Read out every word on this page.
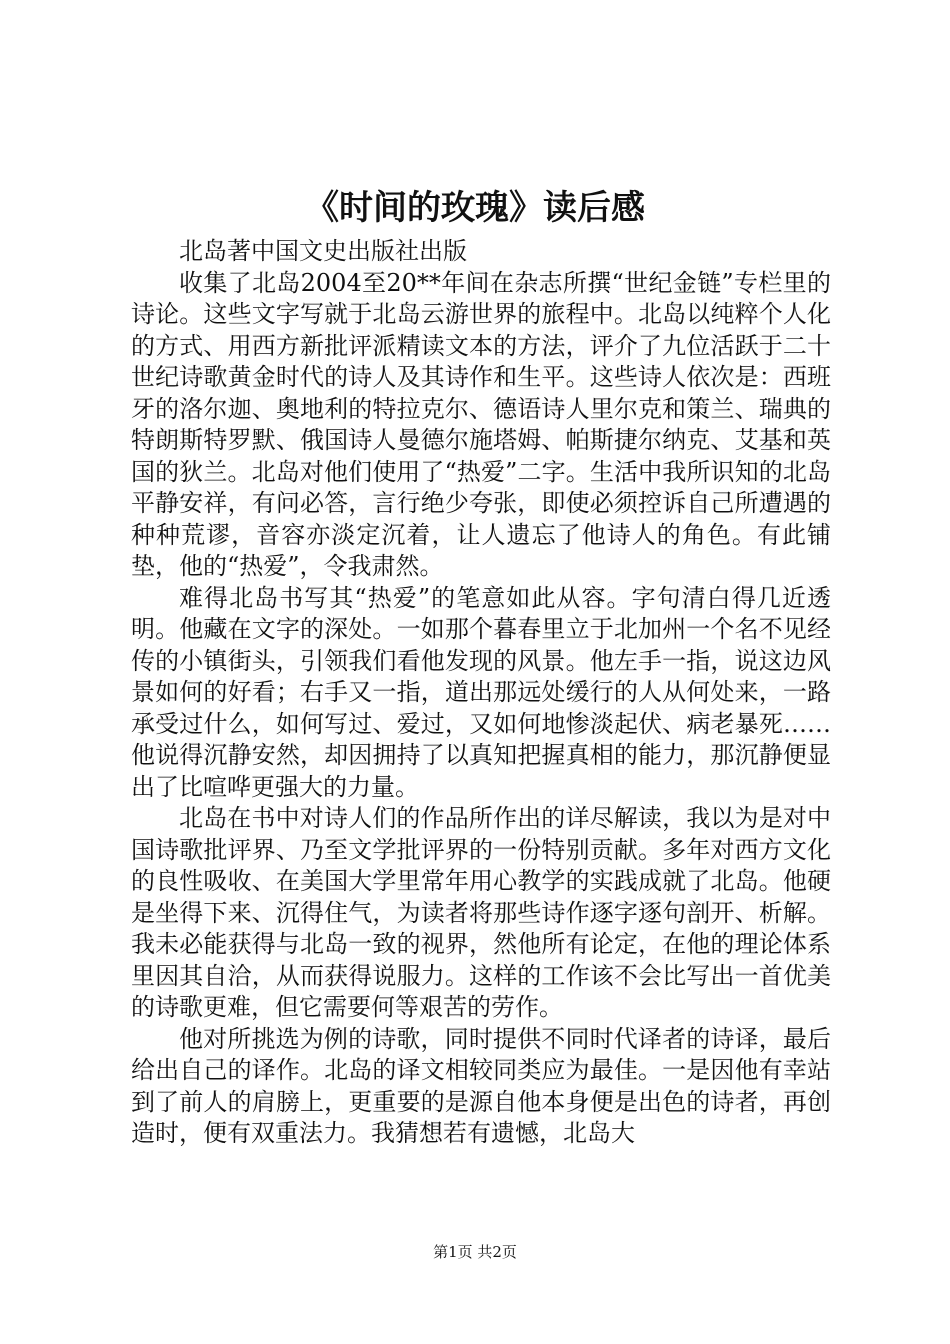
《时间的玫瑰》读后感

北岛著中国文史出版社出版

收集了北岛2004至20**年间在杂志所撰“世纪金链”专栏里的诗论。这些文字写就于北岛云游世界的旅程中。北岛以纯粹个人化的方式、用西方新批评派精读文本的方法，评介了九位活跃于二十世纪诗歌黄金时代的诗人及其诗作和生平。这些诗人依次是：西班牙的洛尔迦、奥地利的特拉克尔、德语诗人里尔克和策兰、瑞典的特朗斯特罗默、俄国诗人曼德尔施塔姆、帕斯捷尔纳克、艾基和英国的狄兰。北岛对他们使用了“热爱”二字。生活中我所识知的北岛平静安祥，有问必答，言行绝少夸张，即使必须控诉自己所遭遇的种种荒谬，音容亦淡定沉着，让人遗忘了他诗人的角色。有此铺垫，他的“热爱”，令我肃然。

难得北岛书写其“热爱”的笔意如此从容。字句清白得几近透明。他藏在文字的深处。一如那个暮春里立于北加州一个名不见经传的小镇街头，引领我们看他发现的风景。他左手一指，说这边风景如何的好看；右手又一指，道出那远处缓行的人从何处来，一路承受过什么，如何写过、爱过，又如何地惨淡起伏、病老暴死……他说得沉静安然，却因拥持了以真知把握真相的能力，那沉静便显出了比喧哗更强大的力量。

北岛在书中对诗人们的作品所作出的详尽解读，我以为是对中国诗歌批评界、乃至文学批评界的一份特别贡献。多年对西方文化的良性吸收、在美国大学里常年用心教学的实践成就了北岛。他硬是坐得下来、沉得住气，为读者将那些诗作逐字逐句剖开、析解。我未必能获得与北岛一致的视界，然他所有论定，在他的理论体系里因其自洽，从而获得说服力。这样的工作该不会比写出一首优美的诗歌更难，但它需要何等艰苦的劳作。

他对所挑选为例的诗歌，同时提供不同时代译者的诗译，最后给出自己的译作。北岛的译文相较同类应为最佳。一是因他有幸站到了前人的肩膀上，更重要的是源自他本身便是出色的诗者，再创造时，便有双重法力。我猜想若有遗憾，北岛大

第1页 共2页
